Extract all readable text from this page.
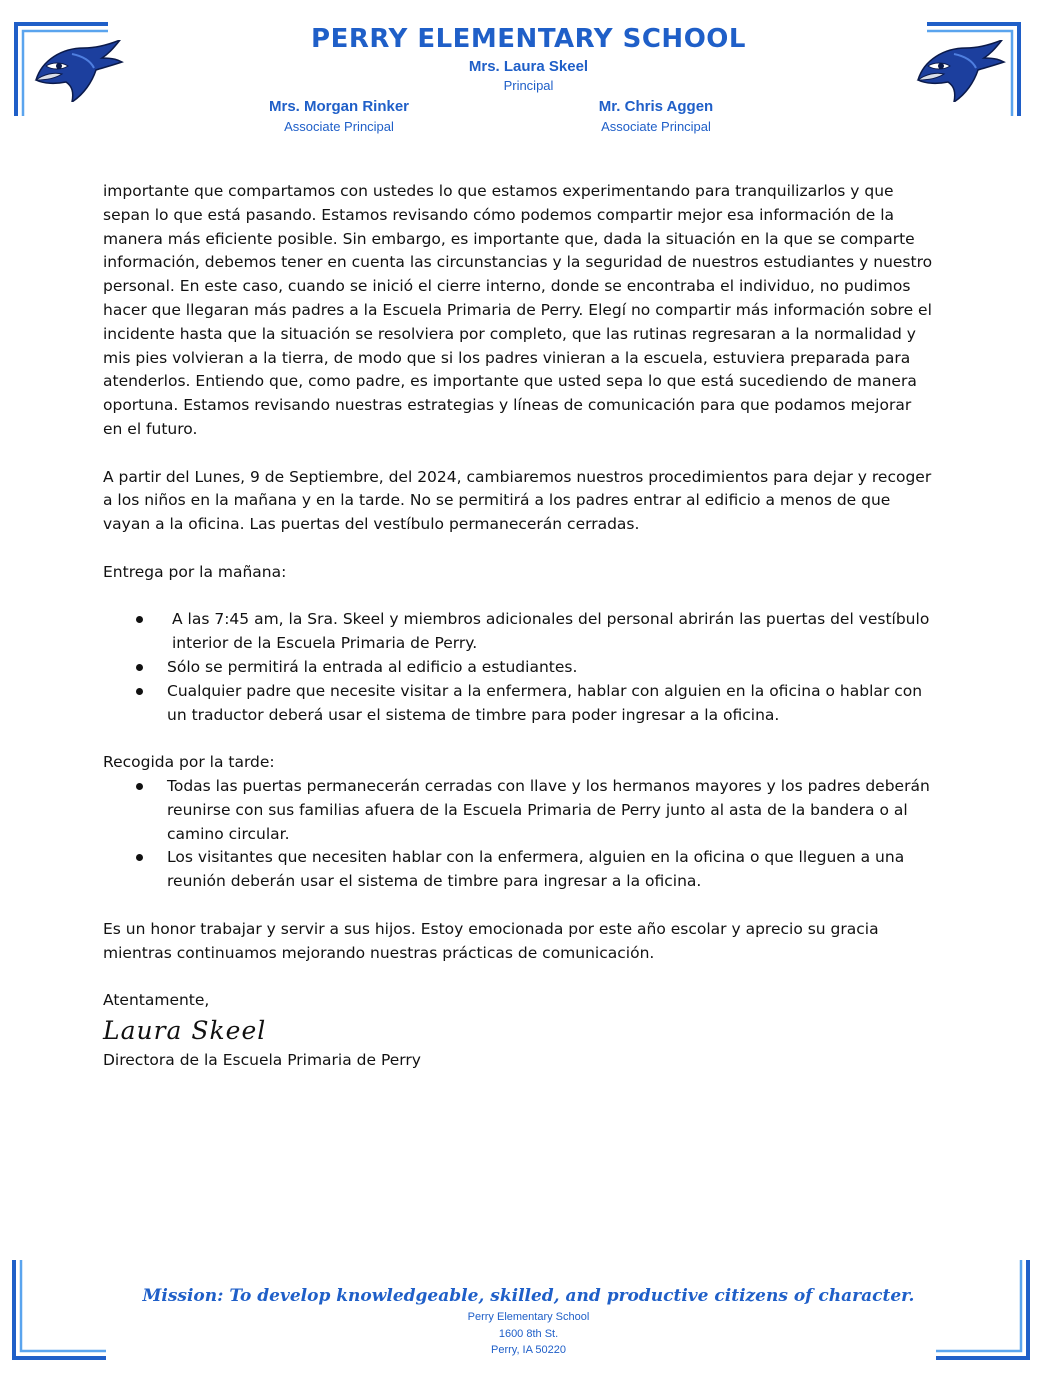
PERRY ELEMENTARY SCHOOL
Mrs. Laura Skeel
Principal
Mrs. Morgan Rinker
Associate Principal
Mr. Chris Aggen
Associate Principal

importante que compartamos con ustedes lo que estamos experimentando para tranquilizarlos y que sepan lo que está pasando. Estamos revisando cómo podemos compartir mejor esa información de la manera más eficiente posible. Sin embargo, es importante que, dada la situación en la que se comparte información, debemos tener en cuenta las circunstancias y la seguridad de nuestros estudiantes y nuestro personal. En este caso, cuando se inició el cierre interno, donde se encontraba el individuo, no pudimos hacer que llegaran más padres a la Escuela Primaria de Perry. Elegí no compartir más información sobre el incidente hasta que la situación se resolviera por completo, que las rutinas regresaran a la normalidad y mis pies volvieran a la tierra, de modo que si los padres vinieran a la escuela, estuviera preparada para atenderlos. Entiendo que, como padre, es importante que usted sepa lo que está sucediendo de manera oportuna. Estamos revisando nuestras estrategias y líneas de comunicación para que podamos mejorar en el futuro.

A partir del Lunes, 9 de Septiembre, del 2024, cambiaremos nuestros procedimientos para dejar y recoger a los niños en la mañana y en la tarde. No se permitirá a los padres entrar al edificio a menos de que vayan a la oficina. Las puertas del vestíbulo permanecerán cerradas.

Entrega por la mañana:

A las 7:45 am, la Sra. Skeel y miembros adicionales del personal abrirán las puertas del vestíbulo interior de la Escuela Primaria de Perry.
Sólo se permitirá la entrada al edificio a estudiantes.
Cualquier padre que necesite visitar a la enfermera, hablar con alguien en la oficina o hablar con un traductor deberá usar el sistema de timbre para poder ingresar a la oficina.

Recogida por la tarde:

Todas las puertas permanecerán cerradas con llave y los hermanos mayores y los padres deberán reunirse con sus familias afuera de la Escuela Primaria de Perry junto al asta de la bandera o al camino circular.
Los visitantes que necesiten hablar con la enfermera, alguien en la oficina o que lleguen a una reunión deberán usar el sistema de timbre para ingresar a la oficina.

Es un honor trabajar y servir a sus hijos. Estoy emocionada por este año escolar y aprecio su gracia mientras continuamos mejorando nuestras prácticas de comunicación.

Atentamente,

Laura Skeel

Directora de la Escuela Primaria de Perry

Mission: To develop knowledgeable, skilled, and productive citizens of character.
Perry Elementary School
1600 8th St.
Perry, IA 50220
